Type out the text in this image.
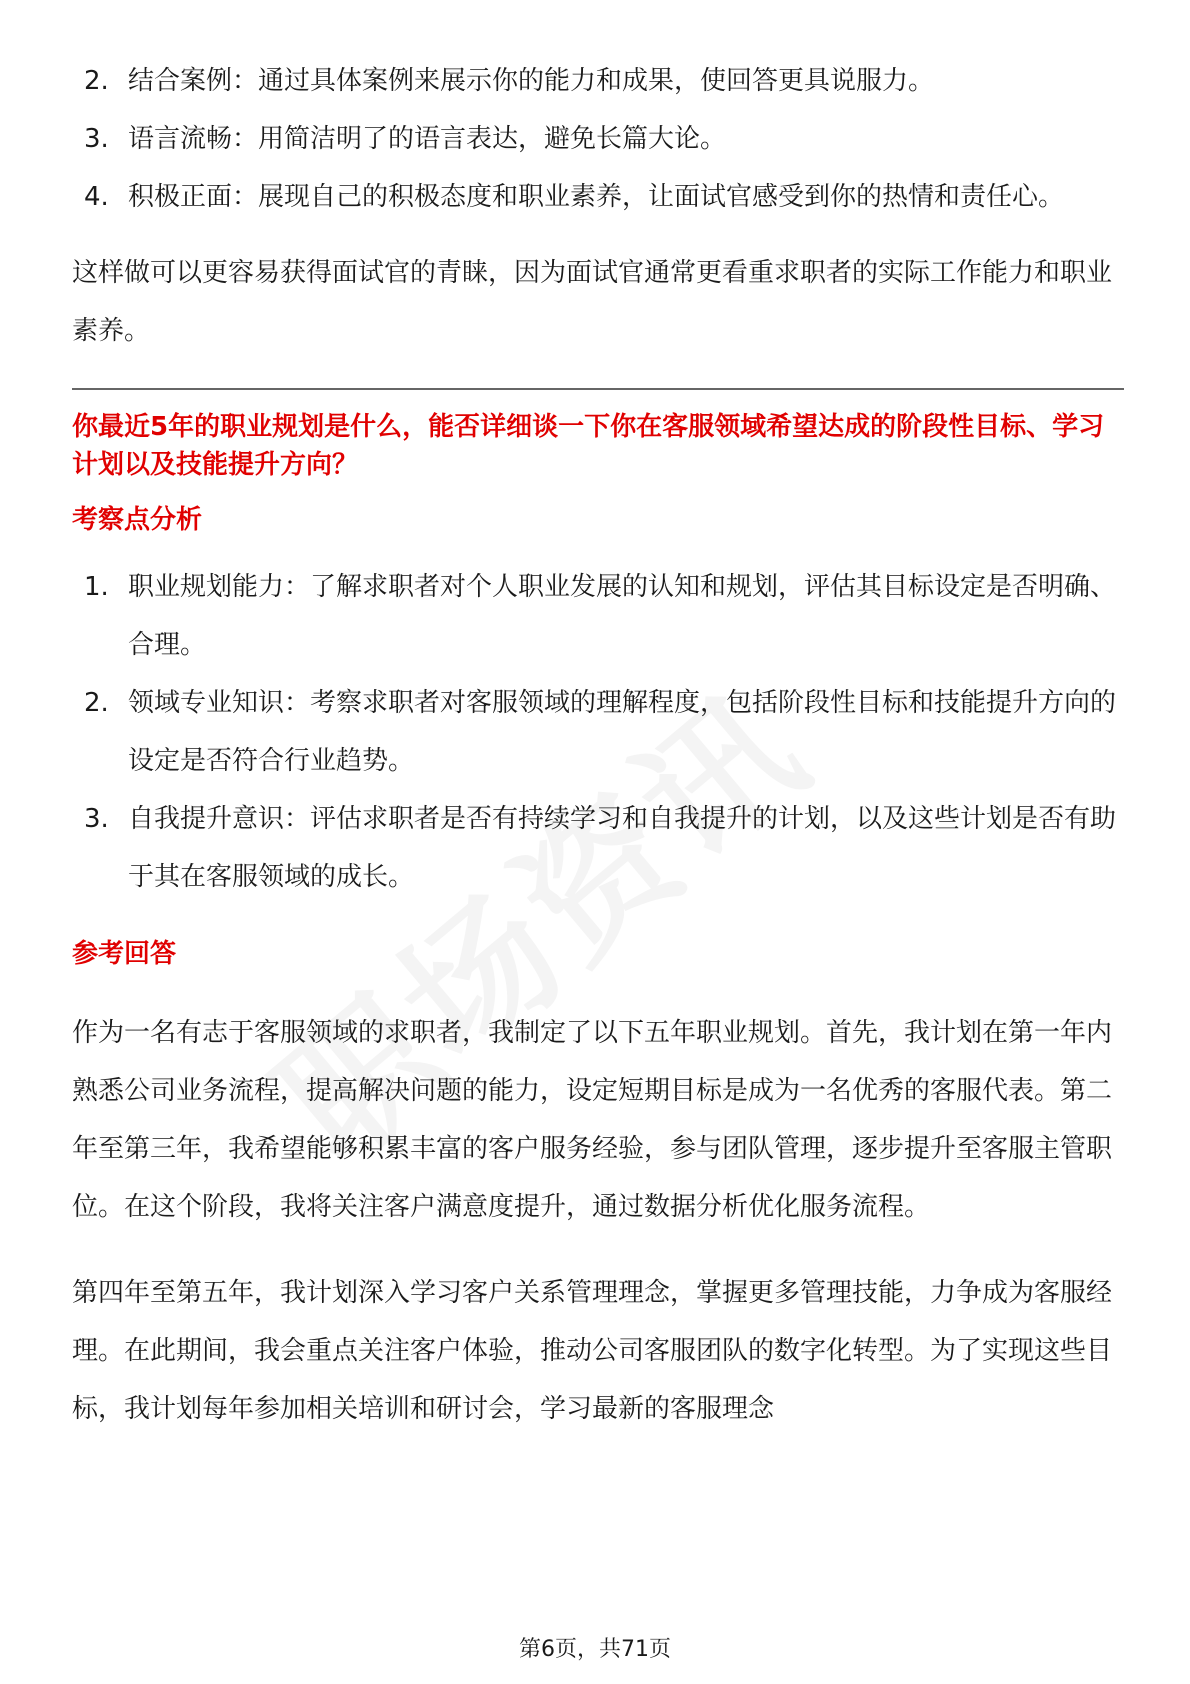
2. 结合案例：通过具体案例来展示你的能力和成果，使回答更具说服力。
3. 语言流畅：用简洁明了的语言表达，避免长篇大论。
4. 积极正面：展现自己的积极态度和职业素养，让面试官感受到你的热情和责任心。

这样做可以更容易获得面试官的青睐，因为面试官通常更看重求职者的实际工作能力和职业素养。

你最近5年的职业规划是什么，能否详细谈一下你在客服领域希望达成的阶段性目标、学习计划以及技能提升方向？

考察点分析

1. 职业规划能力：了解求职者对个人职业发展的认知和规划，评估其目标设定是否明确、合理。
2. 领域专业知识：考察求职者对客服领域的理解程度，包括阶段性目标和技能提升方向的设定是否符合行业趋势。
3. 自我提升意识：评估求职者是否有持续学习和自我提升的计划，以及这些计划是否有助于其在客服领域的成长。

参考回答

作为一名有志于客服领域的求职者，我制定了以下五年职业规划。首先，我计划在第一年内熟悉公司业务流程，提高解决问题的能力，设定短期目标是成为一名优秀的客服代表。第二年至第三年，我希望能够积累丰富的客户服务经验，参与团队管理，逐步提升至客服主管职位。在这个阶段，我将关注客户满意度提升，通过数据分析优化服务流程。

第四年至第五年，我计划深入学习客户关系管理理念，掌握更多管理技能，力争成为客服经理。在此期间，我会重点关注客户体验，推动公司客服团队的数字化转型。为了实现这些目标，我计划每年参加相关培训和研讨会，学习最新的客服理念

第6页，共71页
